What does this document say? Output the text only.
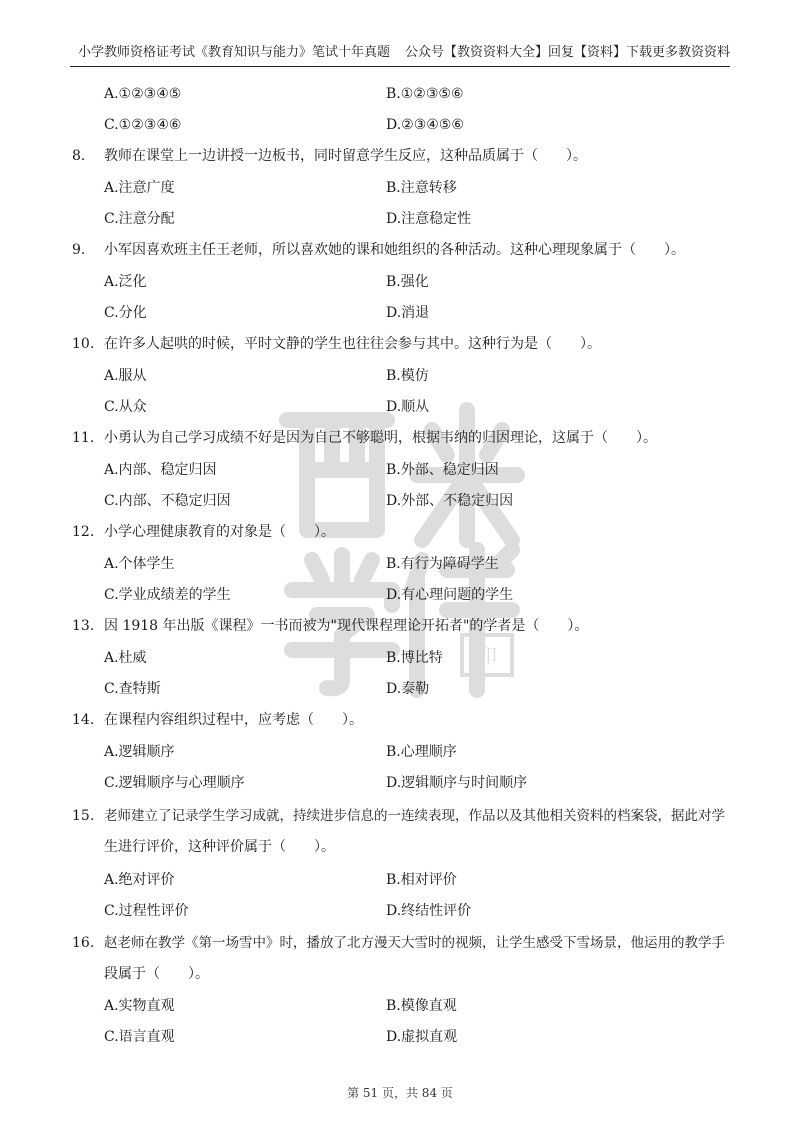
小学教师资格证考试《教育知识与能力》笔试十年真题 公众号【教资资料大全】回复【资料】下载更多教资资料
印
A.①②③④⑤	B.①②③⑤⑥
C.①②③④⑥	D.②③④⑤⑥
8. 教师在课堂上一边讲授一边板书，同时留意学生反应，这种品质属于（　　）。
A.注意广度	B.注意转移
C.注意分配	D.注意稳定性
9. 小军因喜欢班主任王老师，所以喜欢她的课和她组织的各种活动。这种心理现象属于（　　）。
A.泛化	B.强化
C.分化	D.消退
10. 在许多人起哄的时候，平时文静的学生也往往会参与其中。这种行为是（　　）。
A.服从	B.模仿
C.从众	D.顺从
11. 小勇认为自己学习成绩不好是因为自己不够聪明，根据韦纳的归因理论，这属于（　　）。
A.内部、稳定归因	B.外部、稳定归因
C.内部、不稳定归因	D.外部、不稳定归因
12. 小学心理健康教育的对象是（　　）。
A.个体学生	B.有行为障碍学生
C.学业成绩差的学生	D.有心理问题的学生
13. 因 1918 年出版《课程》一书而被为"现代课程理论开拓者"的学者是（　　）。
A.杜威	B.博比特
C.查特斯	D.泰勒
14. 在课程内容组织过程中，应考虑（　　）。
A.逻辑顺序	B.心理顺序
C.逻辑顺序与心理顺序	D.逻辑顺序与时间顺序
15. 老师建立了记录学生学习成就，持续进步信息的一连续表现，作品以及其他相关资料的档案袋，据此对学
生进行评价，这种评价属于（　　）。
A.绝对评价	B.相对评价
C.过程性评价	D.终结性评价
16. 赵老师在教学《第一场雪中》时，播放了北方漫天大雪时的视频，让学生感受下雪场景，他运用的教学手
段属于（　　）。
A.实物直观	B.模像直观
C.语言直观	D.虚拟直观
第 51 页，共 84 页
